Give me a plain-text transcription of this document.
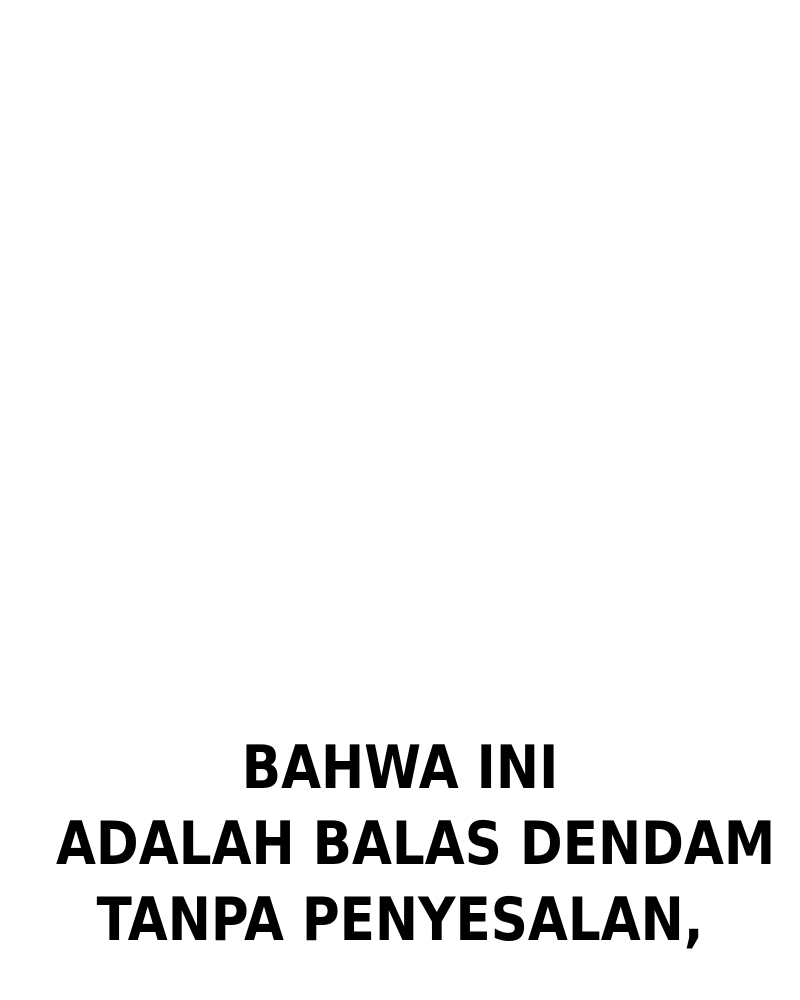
BAHWA INI
ADALAH BALAS DENDAM
TANPA PENYESALAN,
